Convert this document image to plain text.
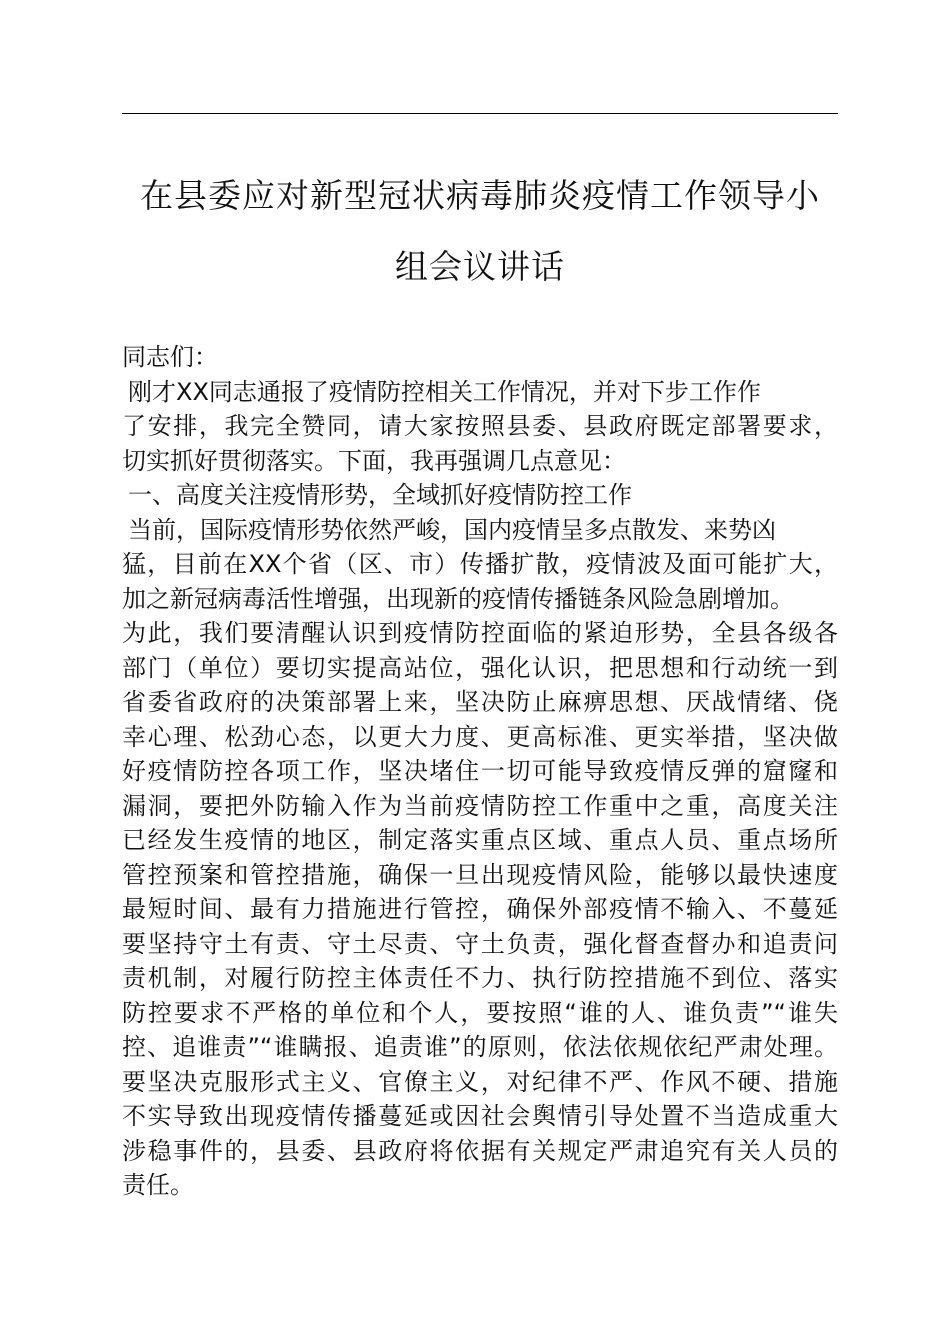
在县委应对新型冠状病毒肺炎疫情工作领导小
组会议讲话
同志们：
刚才XX同志通报了疫情防控相关工作情况，并对下步工作作
了安排，我完全赞同，请大家按照县委、县政府既定部署要求，
切实抓好贯彻落实。下面，我再强调几点意见：
一、高度关注疫情形势，全域抓好疫情防控工作
当前，国际疫情形势依然严峻，国内疫情呈多点散发、来势凶
猛，目前在XX个省（区、市）传播扩散，疫情波及面可能扩大，
加之新冠病毒活性增强，出现新的疫情传播链条风险急剧增加。
为此，我们要清醒认识到疫情防控面临的紧迫形势，全县各级各
部门（单位）要切实提高站位，强化认识，把思想和行动统一到
省委省政府的决策部署上来，坚决防止麻痹思想、厌战情绪、侥
幸心理、松劲心态，以更大力度、更高标准、更实举措，坚决做
好疫情防控各项工作，坚决堵住一切可能导致疫情反弹的窟窿和
漏洞，要把外防输入作为当前疫情防控工作重中之重，高度关注
已经发生疫情的地区，制定落实重点区域、重点人员、重点场所
管控预案和管控措施，确保一旦出现疫情风险，能够以最快速度
最短时间、最有力措施进行管控，确保外部疫情不输入、不蔓延
要坚持守土有责、守土尽责、守土负责，强化督查督办和追责问
责机制，对履行防控主体责任不力、执行防控措施不到位、落实
防控要求不严格的单位和个人，要按照“谁的人、谁负责”“谁失
控、追谁责”“谁瞒报、追责谁”的原则，依法依规依纪严肃处理。
要坚决克服形式主义、官僚主义，对纪律不严、作风不硬、措施
不实导致出现疫情传播蔓延或因社会舆情引导处置不当造成重大
涉稳事件的，县委、县政府将依据有关规定严肃追究有关人员的
责任。
